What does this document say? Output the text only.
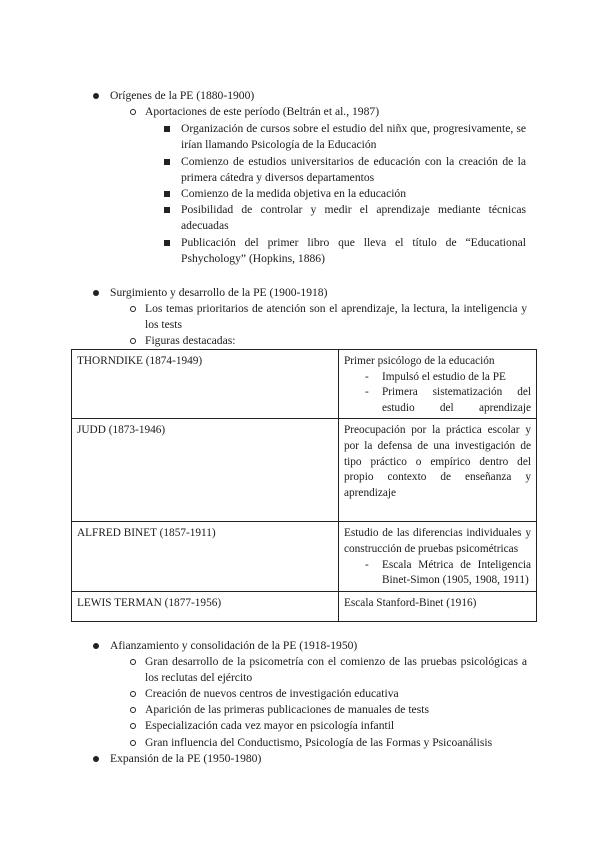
Orígenes de la PE (1880-1900)
Aportaciones de este período (Beltrán et al., 1987)
Organización de cursos sobre el estudio del niñx que, progresivamente, se irían llamando Psicología de la Educación
Comienzo de estudios universitarios de educación con la creación de la primera cátedra y diversos departamentos
Comienzo de la medida objetiva en la educación
Posibilidad de controlar y medir el aprendizaje mediante técnicas adecuadas
Publicación del primer libro que lleva el título de “Educational Pshychology” (Hopkins, 1886)
Surgimiento y desarrollo de la PE (1900-1918)
Los temas prioritarios de atención son el aprendizaje, la lectura, la inteligencia y los tests
Figuras destacadas:
THORNDIKE (1874-1949)	Primer psicólogo de la educación
- Impulsó el estudio de la PE
- Primera sistematización del estudio del aprendizaje

JUDD (1873-1946)	Preocupación por la práctica escolar y por la defensa de una investigación de tipo práctico o empírico dentro del propio contexto de enseñanza y aprendizaje
ALFRED BINET (1857-1911)	Estudio de las diferencias individuales y construcción de pruebas psicométricas
- Escala Métrica de Inteligencia Binet-Simon (1905, 1908, 1911)

LEWIS TERMAN (1877-1956)	Escala Stanford-Binet (1916)
Afianzamiento y consolidación de la PE (1918-1950)
Gran desarrollo de la psicometría con el comienzo de las pruebas psicológicas a los reclutas del ejército
Creación de nuevos centros de investigación educativa
Aparición de las primeras publicaciones de manuales de tests
Especialización cada vez mayor en psicología infantil
Gran influencia del Conductismo, Psicología de las Formas y Psicoanálisis
Expansión de la PE (1950-1980)
